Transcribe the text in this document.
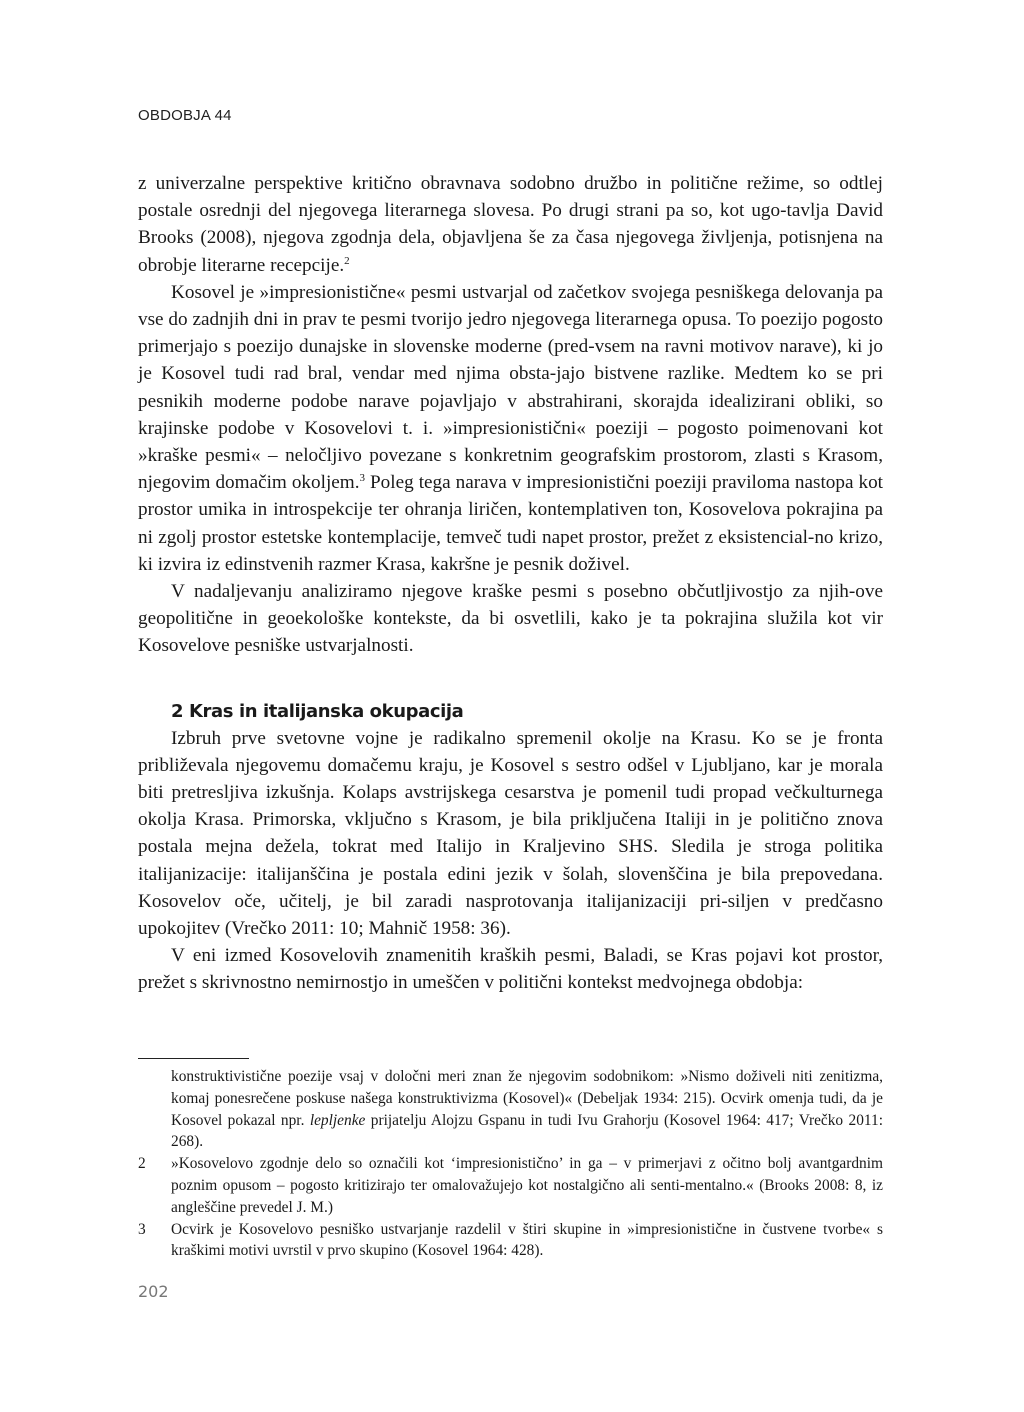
OBDOBJA 44

z univerzalne perspektive kritično obravnava sodobno družbo in politične režime, so odtlej postale osrednji del njegovega literarnega slovesa. Po drugi strani pa so, kot ugo-tavlja David Brooks (2008), njegova zgodnja dela, objavljena še za časa njegovega življenja, potisnjena na obrobje literarne recepcije.$^2$

Kosovel je »impresionistične« pesmi ustvarjal od začetkov svojega pesniškega delovanja pa vse do zadnjih dni in prav te pesmi tvorijo jedro njegovega literarnega opusa. To poezijo pogosto primerjajo s poezijo dunajske in slovenske moderne (pred-vsem na ravni motivov narave), ki jo je Kosovel tudi rad bral, vendar med njima obsta-jajo bistvene razlike. Medtem ko se pri pesnikih moderne podobe narave pojavljajo v abstrahirani, skorajda idealizirani obliki, so krajinske podobe v Kosovelovi t. i. »impresionistični« poeziji – pogosto poimenovani kot »kraške pesmi« – neločljivo povezane s konkretnim geografskim prostorom, zlasti s Krasom, njegovim domačim okoljem.$^3$ Poleg tega narava v impresionistični poeziji praviloma nastopa kot prostor umika in introspekcije ter ohranja liričen, kontemplativen ton, Kosovelova pokrajina pa ni zgolj prostor estetske kontemplacije, temveč tudi napet prostor, prežet z eksistencial-no krizo, ki izvira iz edinstvenih razmer Krasa, kakršne je pesnik doživel.

V nadaljevanju analiziramo njegove kraške pesmi s posebno občutljivostjo za njih-ove geopolitične in geoekološke kontekste, da bi osvetlili, kako je ta pokrajina služila kot vir Kosovelove pesniške ustvarjalnosti.

2 Kras in italijanska okupacija

Izbruh prve svetovne vojne je radikalno spremenil okolje na Krasu. Ko se je fronta približevala njegovemu domačemu kraju, je Kosovel s sestro odšel v Ljubljano, kar je morala biti pretresljiva izkušnja. Kolaps avstrijskega cesarstva je pomenil tudi propad večkulturnega okolja Krasa. Primorska, vključno s Krasom, je bila priključena Italiji in je politično znova postala mejna dežela, tokrat med Italijo in Kraljevino SHS. Sledila je stroga politika italijanizacije: italijanščina je postala edini jezik v šolah, slovenščina je bila prepovedana. Kosovelov oče, učitelj, je bil zaradi nasprotovanja italijanizaciji pri-siljen v predčasno upokojitev (Vrečko 2011: 10; Mahnič 1958: 36).

V eni izmed Kosovelovih znamenitih kraških pesmi, Baladi, se Kras pojavi kot prostor, prežet s skrivnostno nemirnostjo in umeščen v politični kontekst medvojnega obdobja:

konstruktivistične poezije vsaj v določni meri znan že njegovim sodobnikom: »Nismo doživeli niti zenitizma, komaj ponesrečene poskuse našega konstruktivizma (Kosovel)« (Debeljak 1934: 215). Ocvirk omenja tudi, da je Kosovel pokazal npr. lepljenke prijatelju Alojzu Gspanu in tudi Ivu Grahorju (Kosovel 1964: 417; Vrečko 2011: 268).

2 »Kosovelovo zgodnje delo so označili kot ‘impresionistično’ in ga – v primerjavi z očitno bolj avantgardnim poznim opusom – pogosto kritizirajo ter omalovažujejo kot nostalgično ali senti-mentalno.« (Brooks 2008: 8, iz angleščine prevedel J. M.)

3 Ocvirk je Kosovelovo pesniško ustvarjanje razdelil v štiri skupine in »impresionistične in čustvene tvorbe« s kraškimi motivi uvrstil v prvo skupino (Kosovel 1964: 428).

202
